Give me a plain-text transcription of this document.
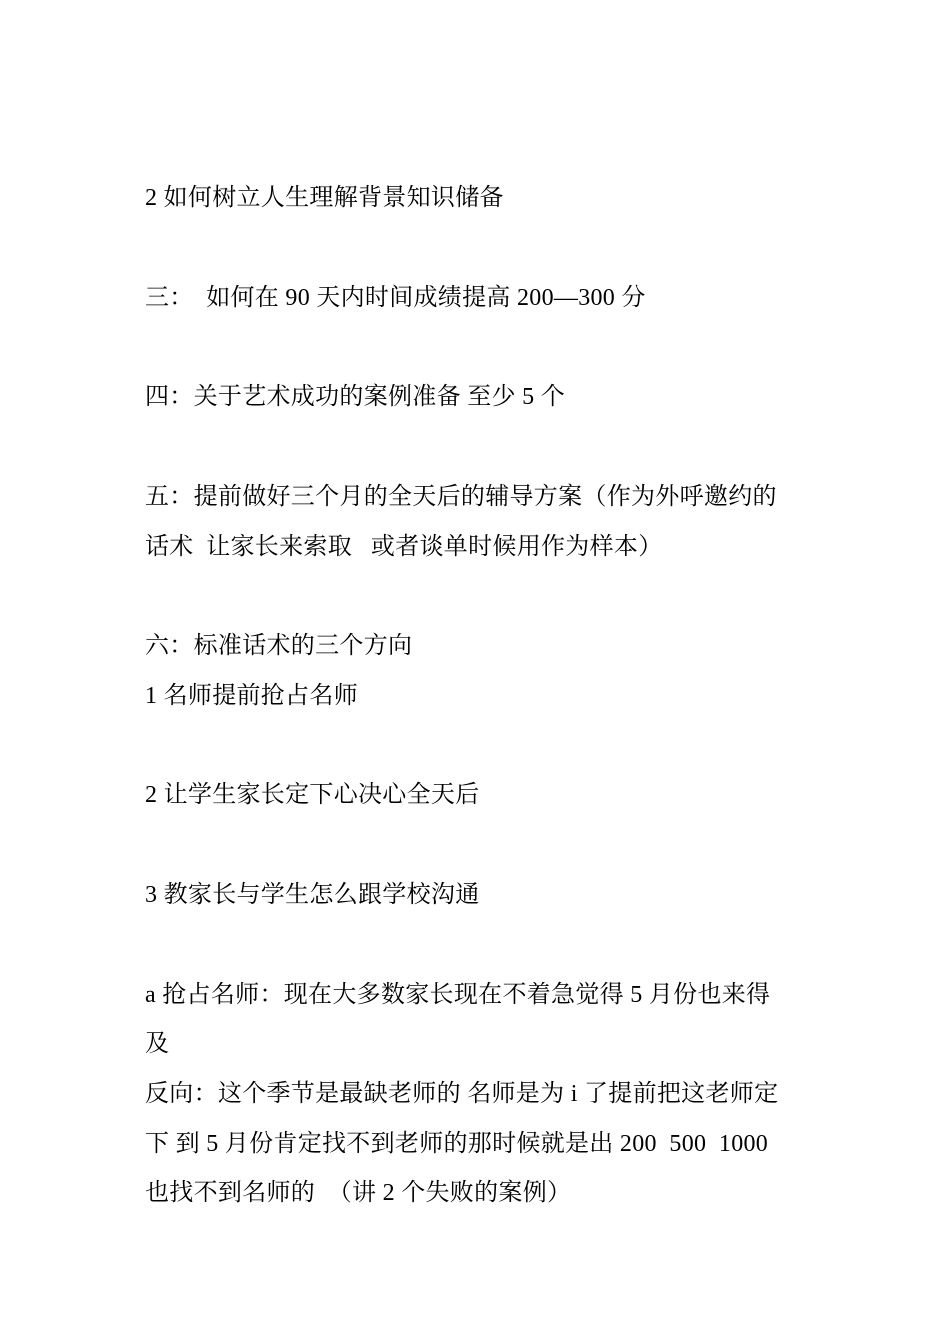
2 如何树立人生理解背景知识储备
三：  如何在 90 天内时间成绩提高 200—300 分
四：关于艺术成功的案例准备 至少 5 个
五：提前做好三个月的全天后的辅导方案（作为外呼邀约的
话术  让家长来索取   或者谈单时候用作为样本）
六：标准话术的三个方向
1 名师提前抢占名师
2 让学生家长定下心决心全天后
3 教家长与学生怎么跟学校沟通
a 抢占名师：现在大多数家长现在不着急觉得 5 月份也来得
及
反向：这个季节是最缺老师的 名师是为 i 了提前把这老师定
下 到 5 月份肯定找不到老师的那时候就是出 200  500  1000
也找不到名师的  （讲 2 个失败的案例）
